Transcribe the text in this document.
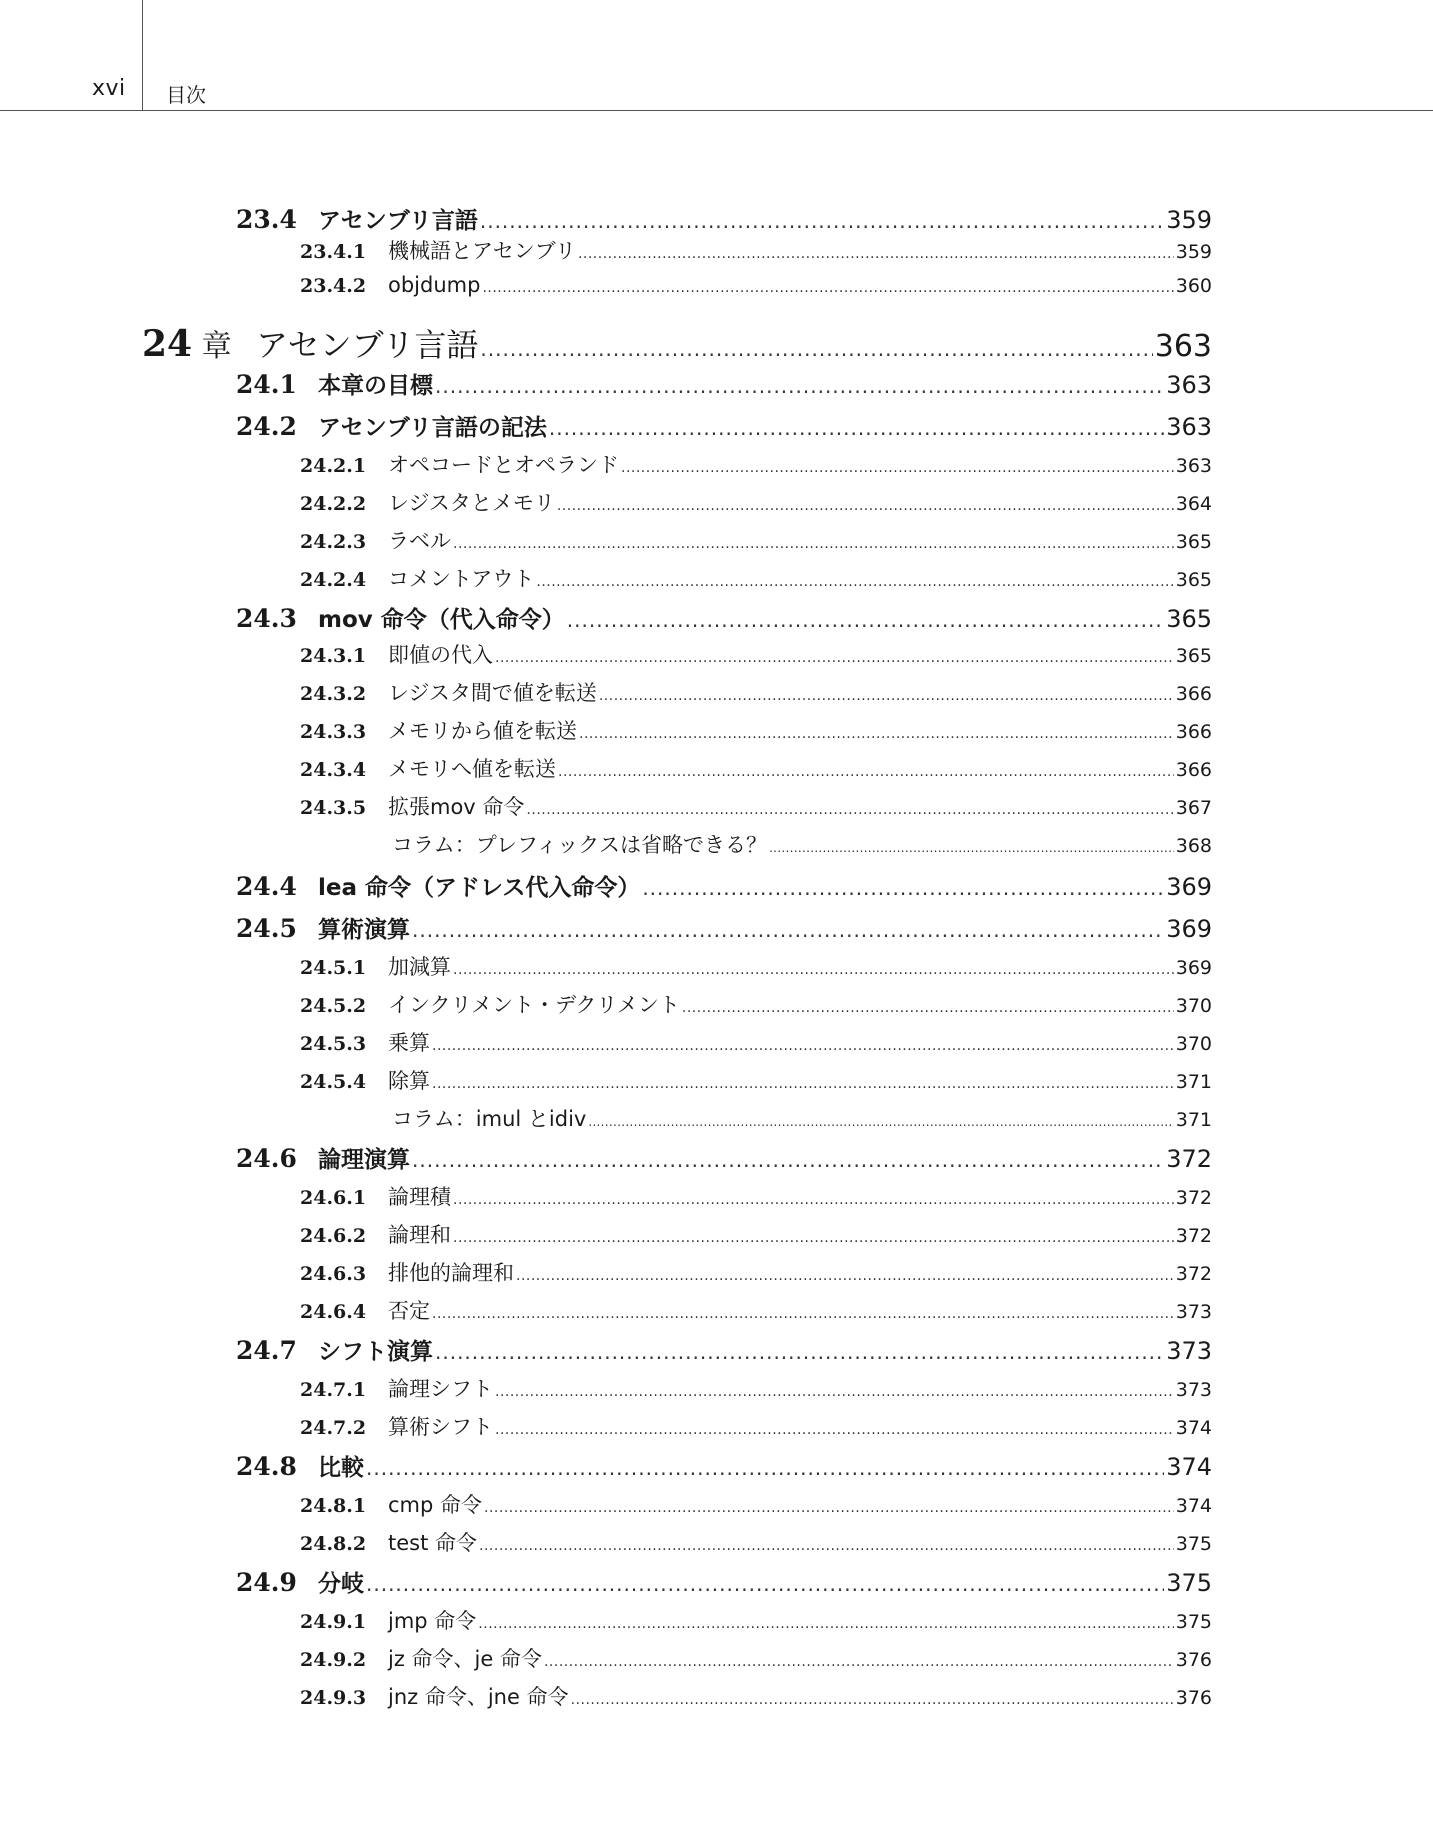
xvi 目次
23.4 アセンブリ言語 .....	359
23.4.1	機械語とアセンブリ .....	359
23.4.2	objdump .....	360
24 章 アセンブリ言語 .....	363
24.1 本章の目標 .....	363
24.2 アセンブリ言語の記法 .....	363
24.2.1	オペコードとオペランド .....	363
24.2.2	レジスタとメモリ .....	364
24.2.3	ラベル .....	365
24.2.4	コメントアウト .....	365
24.3 mov 命令（代入命令） .....	365
24.3.1	即値の代入 .....	365
24.3.2	レジスタ間で値を転送 .....	366
24.3.3	メモリから値を転送 .....	366
24.3.4	メモリへ値を転送 .....	366
24.3.5	拡張mov 命令 .....	367
コラム：プレフィックスは省略できる？ .....	368
24.4 lea 命令（アドレス代入命令） .....	369
24.5 算術演算 .....	369
24.5.1	加減算 .....	369
24.5.2	インクリメント・デクリメント .....	370
24.5.3	乗算 .....	370
24.5.4	除算 .....	371
コラム：imul とidiv .....	371
24.6 論理演算 .....	372
24.6.1	論理積 .....	372
24.6.2	論理和 .....	372
24.6.3	排他的論理和 .....	372
24.6.4	否定 .....	373
24.7 シフト演算 .....	373
24.7.1	論理シフト .....	373
24.7.2	算術シフト .....	374
24.8 比較 .....	374
24.8.1	cmp 命令 .....	374
24.8.2	test 命令 .....	375
24.9 分岐 .....	375
24.9.1	jmp 命令 .....	375
24.9.2	jz 命令、je 命令 .....	376
24.9.3	jnz 命令、jne 命令 .....	376
